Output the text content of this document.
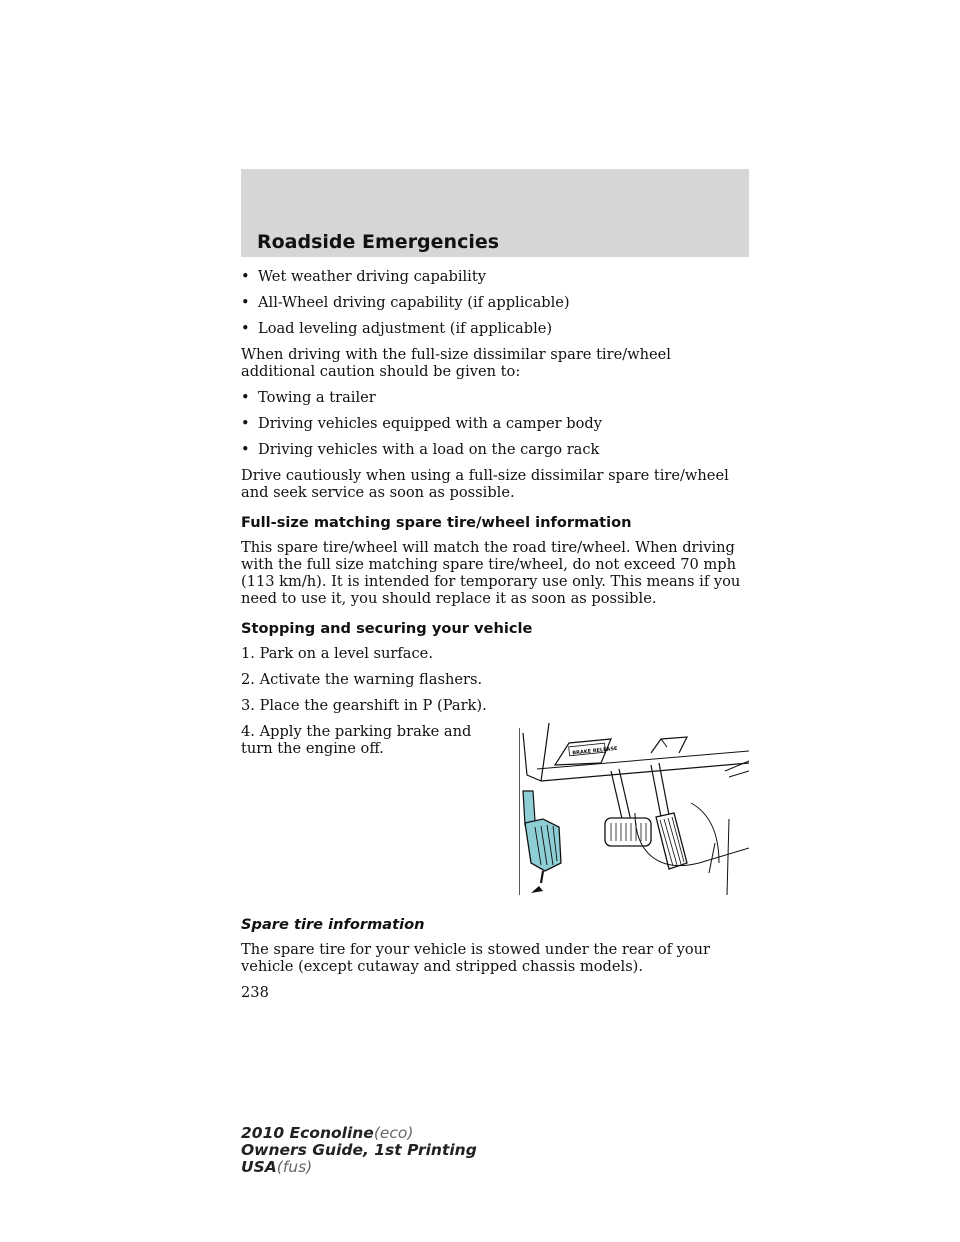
Roadside Emergencies
• Wet weather driving capability
• All-Wheel driving capability (if applicable)
• Load leveling adjustment (if applicable)

When driving with the full-size dissimilar spare tire/wheel additional caution should be given to:

• Towing a trailer
• Driving vehicles equipped with a camper body
• Driving vehicles with a load on the cargo rack

Drive cautiously when using a full-size dissimilar spare tire/wheel and seek service as soon as possible.

Full-size matching spare tire/wheel information

This spare tire/wheel will match the road tire/wheel. When driving with the full size matching spare tire/wheel, do not exceed 70 mph (113 km/h). It is intended for temporary use only. This means if you need to use it, you should replace it as soon as possible.

Stopping and securing your vehicle

1. Park on a level surface.

2. Activate the warning flashers.

3. Place the gearshift in P (Park).

4. Apply the parking brake and turn the engine off.	BRAKE RELEASE
Spare tire information

The spare tire for your vehicle is stowed under the rear of your vehicle (except cutaway and stripped chassis models).

238

2010 Econoline(eco)
Owners Guide, 1st Printing
USA(fus)
